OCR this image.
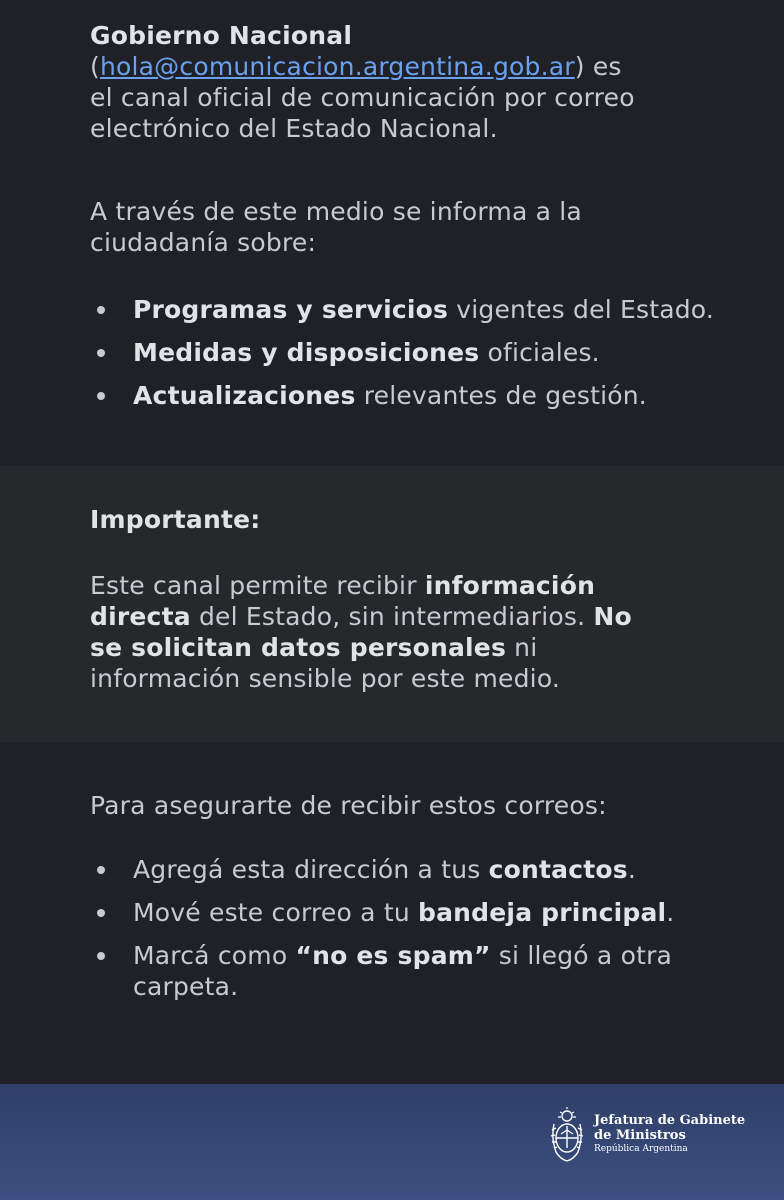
Gobierno Nacional
(hola@comunicacion.argentina.gob.ar) es
el canal oficial de comunicación por correo
electrónico del Estado Nacional.

A través de este medio se informa a la
ciudadanía sobre:

Programas y servicios vigentes del Estado.
Medidas y disposiciones oficiales.
Actualizaciones relevantes de gestión.

Importante:

Este canal permite recibir información
directa del Estado, sin intermediarios. No
se solicitan datos personales ni
información sensible por este medio.

Para asegurarte de recibir estos correos:

Agregá esta dirección a tus contactos.
Mové este correo a tu bandeja principal.
Marcá como “no es spam” si llegó a otra
carpeta.
Jefatura de Gabinete
de Ministros
República Argentina
